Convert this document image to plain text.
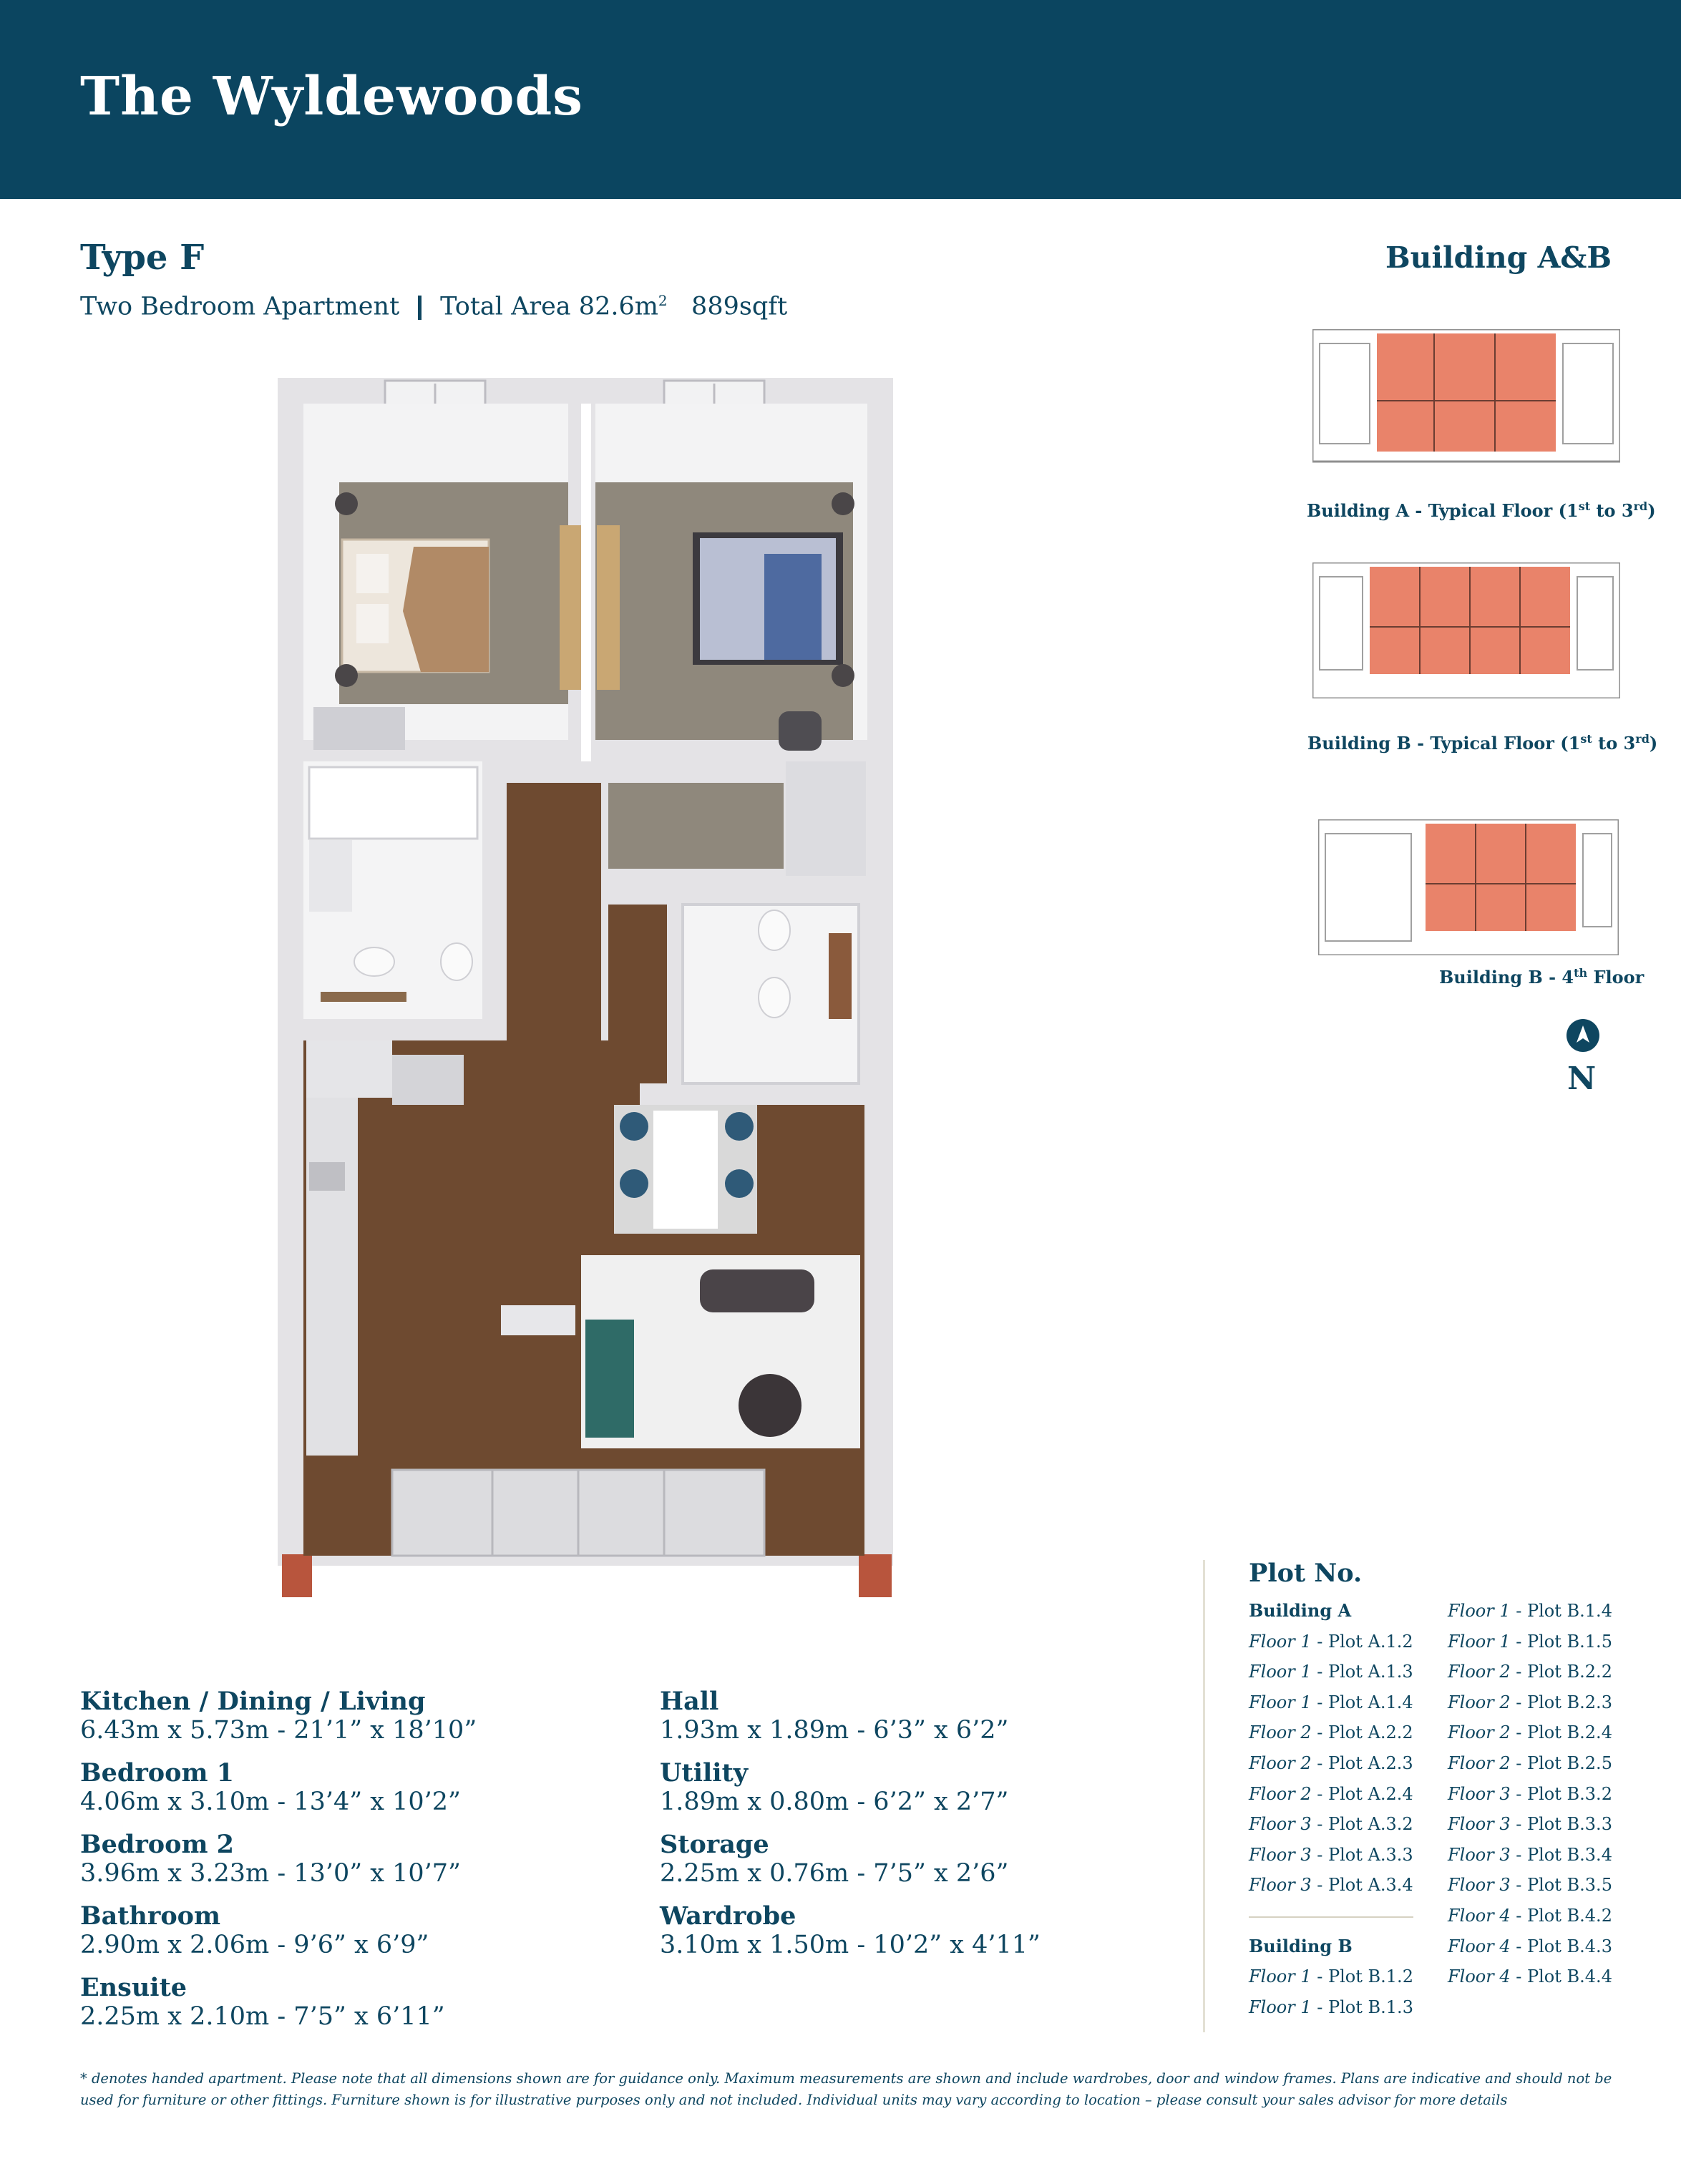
The Wyldewoods
Type F
Two Bedroom Apartment Total Area $82.6m^2$ 889sqft
Building A&B
Building A - Typical Floor (1st to 3rd)
Building B - Typical Floor (1st to 3rd)
Building B - 4th Floor
N
Kitchen / Dining / Living
6.43m x 5.73m - 21’1” x 18’10”
Bedroom 1
4.06m x 3.10m - 13’4” x 10’2”
Bedroom 2
3.96m x 3.23m - 13’0” x 10’7”
Bathroom
2.90m x 2.06m - 9’6” x 6’9”
Ensuite
2.25m x 2.10m - 7’5” x 6’11”
Hall
1.93m x 1.89m - 6’3” x 6’2”
Utility
1.89m x 0.80m - 6’2” x 2’7”
Storage
2.25m x 0.76m - 7’5” x 2’6”
Wardrobe
3.10m x 1.50m - 10’2” x 4’11”
Plot No.
Building A
Floor 1 - Plot A.1.2
Floor 1 - Plot A.1.3
Floor 1 - Plot A.1.4
Floor 2 - Plot A.2.2
Floor 2 - Plot A.2.3
Floor 2 - Plot A.2.4
Floor 3 - Plot A.3.2
Floor 3 - Plot A.3.3
Floor 3 - Plot A.3.4

Building B
Floor 1 - Plot B.1.2
Floor 1 - Plot B.1.3
Floor 1 - Plot B.1.4
Floor 1 - Plot B.1.5
Floor 2 - Plot B.2.2
Floor 2 - Plot B.2.3
Floor 2 - Plot B.2.4
Floor 2 - Plot B.2.5
Floor 3 - Plot B.3.2
Floor 3 - Plot B.3.3
Floor 3 - Plot B.3.4
Floor 3 - Plot B.3.5
Floor 4 - Plot B.4.2
Floor 4 - Plot B.4.3
Floor 4 - Plot B.4.4
* denotes handed apartment. Please note that all dimensions shown are for guidance only. Maximum measurements are shown and include wardrobes, door and window frames. Plans are indicative and should not be used for furniture or other fittings. Furniture shown is for illustrative purposes only and not included. Individual units may vary according to location – please consult your sales advisor for more details
